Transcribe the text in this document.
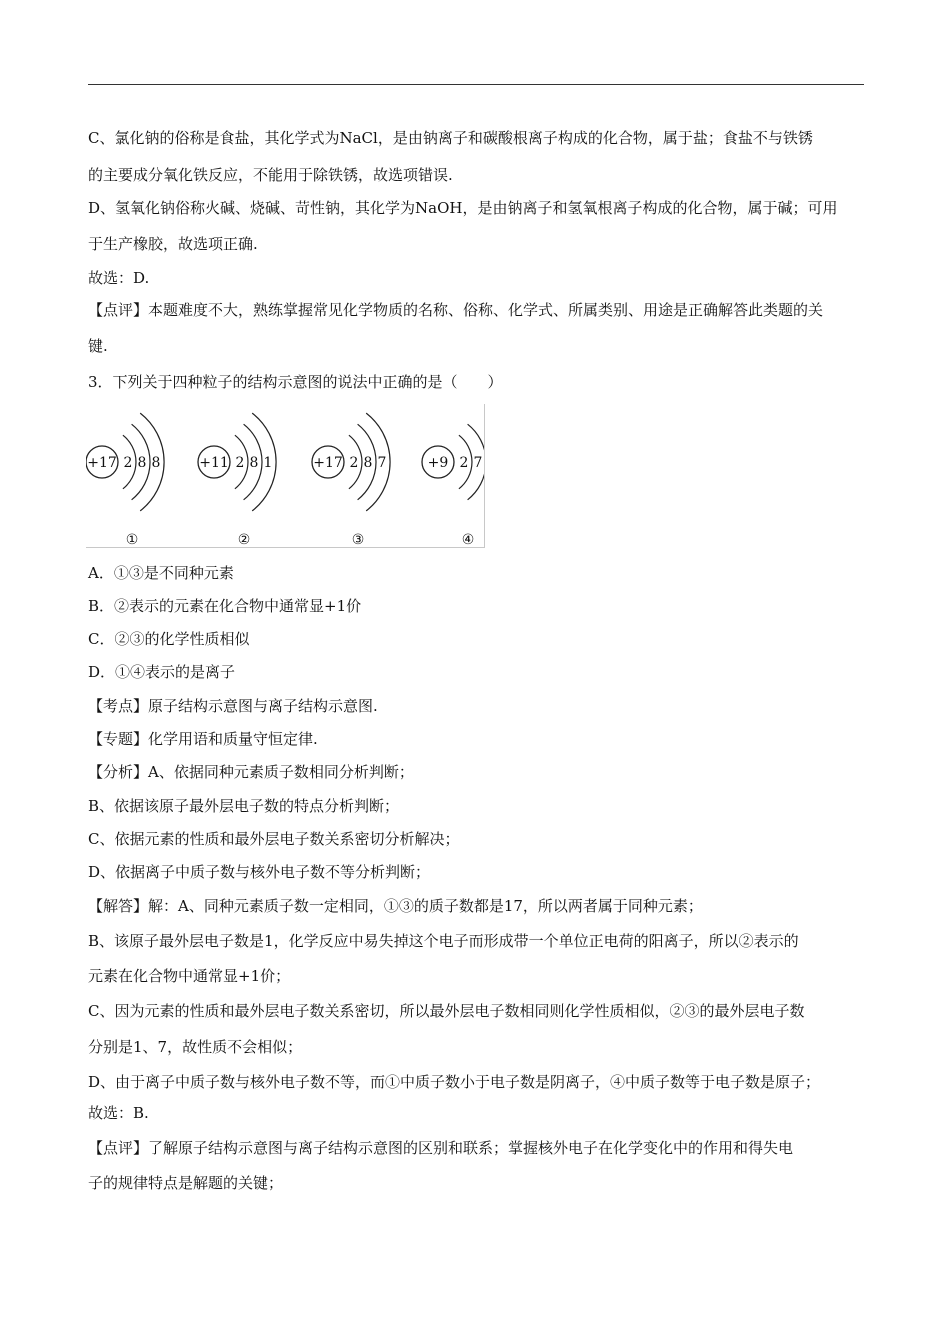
C、氯化钠的俗称是食盐，其化学式为NaCl，是由钠离子和碳酸根离子构成的化合物，属于盐；食盐不与铁锈
的主要成分氧化铁反应，不能用于除铁锈，故选项错误.
D、氢氧化钠俗称火碱、烧碱、苛性钠，其化学为NaOH，是由钠离子和氢氧根离子构成的化合物，属于碱；可用
于生产橡胶，故选项正确.
故选：D.
【点评】本题难度不大，熟练掌握常见化学物质的名称、俗称、化学式、所属类别、用途是正确解答此类题的关
键.
3．下列关于四种粒子的结构示意图的说法中正确的是（　　）
+17 2 8 8
①
+11 2 8 1
②
+17 2 8 7
③
+9 2 7
④
A．①③是不同种元素
B．②表示的元素在化合物中通常显+1价
C．②③的化学性质相似
D．①④表示的是离子
【考点】原子结构示意图与离子结构示意图.
【专题】化学用语和质量守恒定律.
【分析】A、依据同种元素质子数相同分析判断；
B、依据该原子最外层电子数的特点分析判断；
C、依据元素的性质和最外层电子数关系密切分析解决；
D、依据离子中质子数与核外电子数不等分析判断；
【解答】解：A、同种元素质子数一定相同，①③的质子数都是17，所以两者属于同种元素；
B、该原子最外层电子数是1，化学反应中易失掉这个电子而形成带一个单位正电荷的阳离子，所以②表示的
元素在化合物中通常显+1价；
C、因为元素的性质和最外层电子数关系密切，所以最外层电子数相同则化学性质相似，②③的最外层电子数
分别是1、7，故性质不会相似；
D、由于离子中质子数与核外电子数不等，而①中质子数小于电子数是阴离子，④中质子数等于电子数是原子；
故选：B.
【点评】了解原子结构示意图与离子结构示意图的区别和联系；掌握核外电子在化学变化中的作用和得失电
子的规律特点是解题的关键；
